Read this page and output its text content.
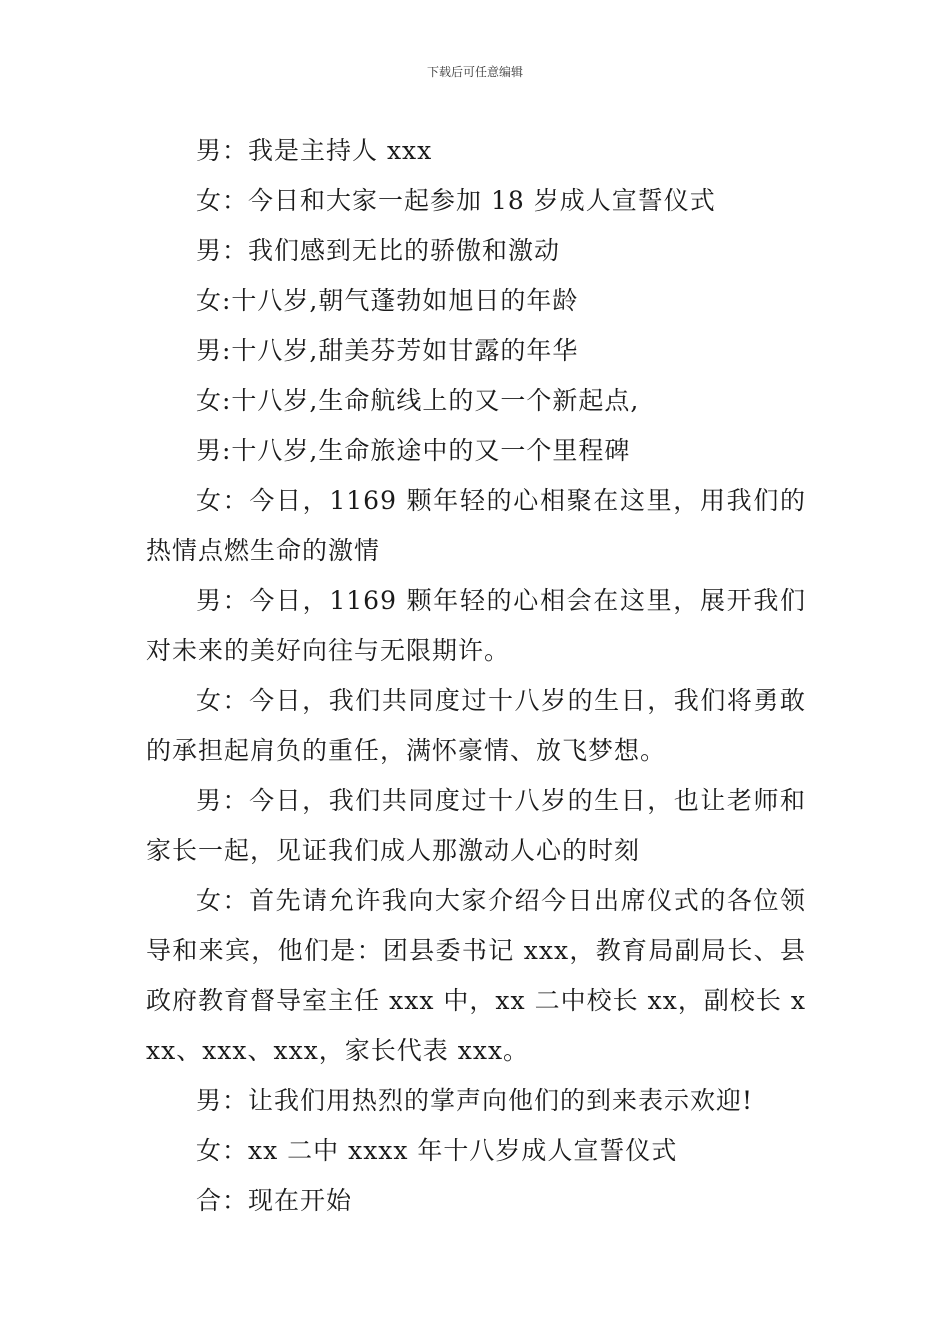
下载后可任意编辑

男：我是主持人 xxx

女：今日和大家一起参加 18 岁成人宣誓仪式

男：我们感到无比的骄傲和激动

女:十八岁,朝气蓬勃如旭日的年龄

男:十八岁,甜美芬芳如甘露的年华

女:十八岁,生命航线上的又一个新起点,

男:十八岁,生命旅途中的又一个里程碑

女：今日，1169 颗年轻的心相聚在这里，用我们的热情点燃生命的激情

男：今日，1169 颗年轻的心相会在这里，展开我们对未来的美好向往与无限期许。

女：今日，我们共同度过十八岁的生日，我们将勇敢的承担起肩负的重任，满怀豪情、放飞梦想。

男：今日，我们共同度过十八岁的生日，也让老师和家长一起，见证我们成人那激动人心的时刻

女：首先请允许我向大家介绍今日出席仪式的各位领导和来宾，他们是：团县委书记 xxx，教育局副局长、县政府教育督导室主任 xxx 中，xx 二中校长 xx，副校长 xxx、xxx、xxx，家长代表 xxx。

男：让我们用热烈的掌声向他们的到来表示欢迎!

女：xx 二中 xxxx 年十八岁成人宣誓仪式

合：现在开始
